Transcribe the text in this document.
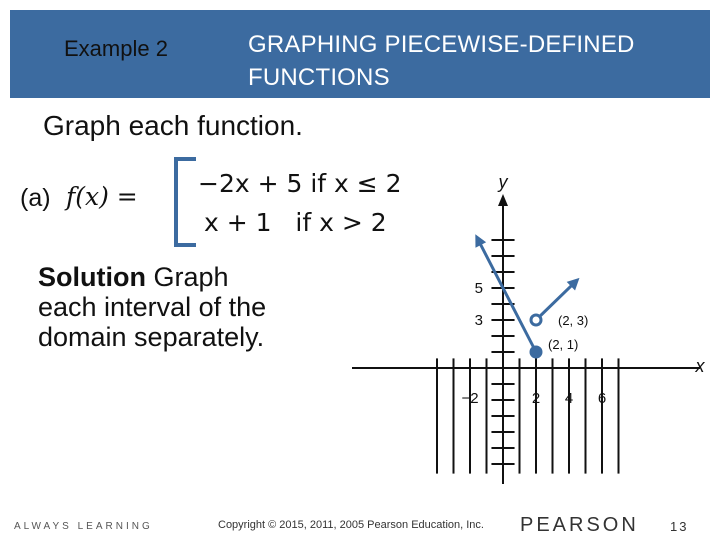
Example 2	GRAPHING PIECEWISE-DEFINED
FUNCTIONS
Graph each function.
(a) f(x) = −2x + 5 if x ≤ 2
x + 1   if x > 2
Solution Graph
each interval of the
domain separately.
y
x
−2	2 4 6
3
5
(2, 3)
(2, 1)
ALWAYS LEARNING	Copyright © 2015, 2011, 2005 Pearson Education, Inc. PEARSON 13
